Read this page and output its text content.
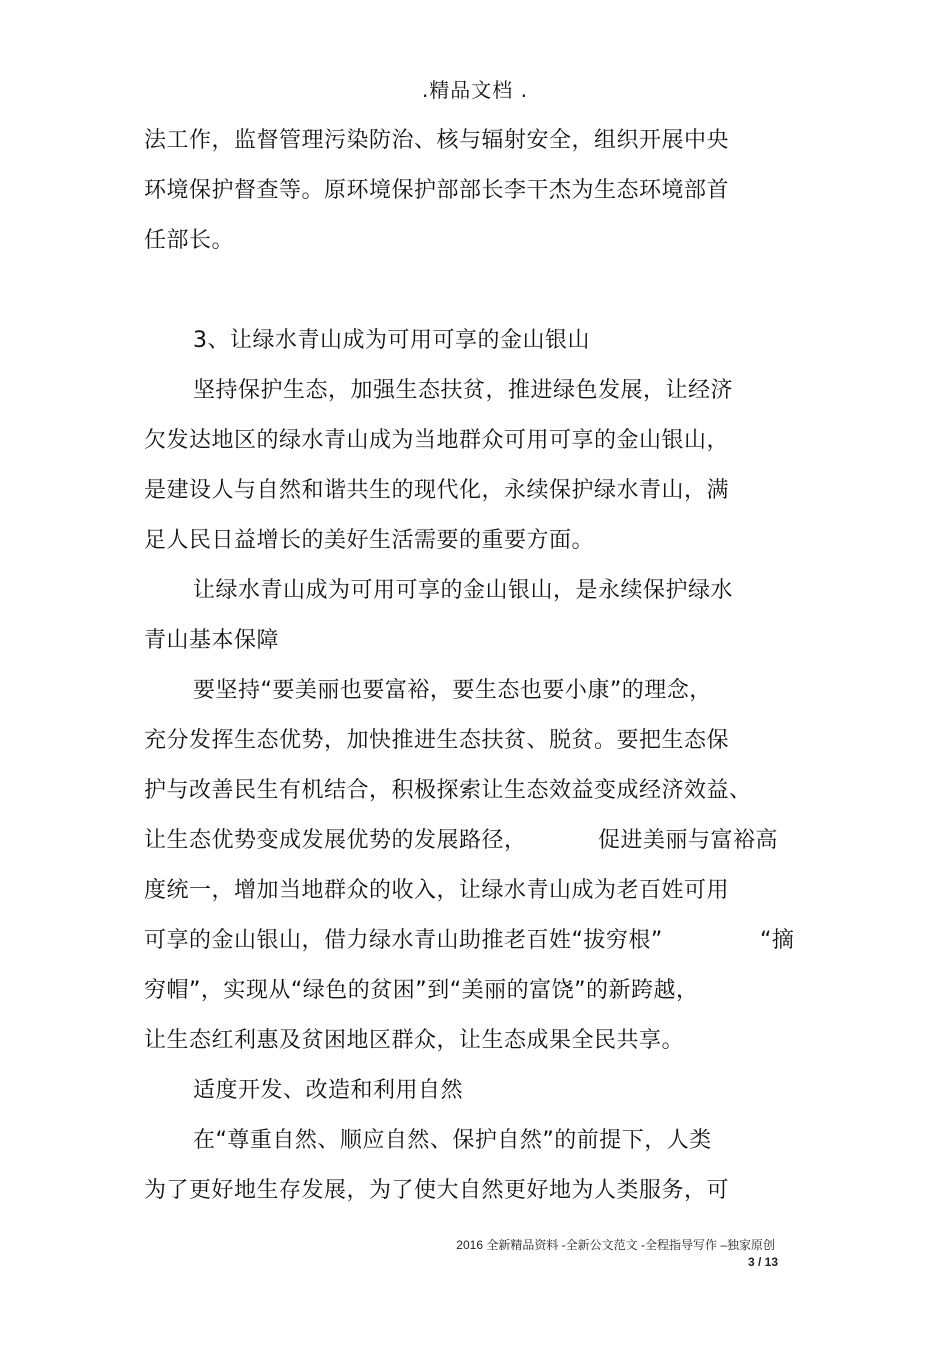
.精品文档 .
法工作，监督管理污染防治、核与辐射安全，组织开展中央
环境保护督查等。原环境保护部部长李干杰为生态环境部首
任部长。
3、让绿水青山成为可用可享的金山银山
坚持保护生态，加强生态扶贫，推进绿色发展，让经济
欠发达地区的绿水青山成为当地群众可用可享的金山银山，
是建设人与自然和谐共生的现代化，永续保护绿水青山，满
足人民日益增长的美好生活需要的重要方面。
让绿水青山成为可用可享的金山银山，是永续保护绿水
青山基本保障
要坚持“要美丽也要富裕，要生态也要小康”的理念，
充分发挥生态优势，加快推进生态扶贫、脱贫。要把生态保
护与改善民生有机结合，积极探索让生态效益变成经济效益、
让生态优势变成发展优势的发展路径，	促进美丽与富裕高
度统一，增加当地群众的收入，让绿水青山成为老百姓可用
可享的金山银山，借力绿水青山助推老百姓“拔穷根”	“摘
穷帽”，实现从“绿色的贫困”到“美丽的富饶”的新跨越，
让生态红利惠及贫困地区群众，让生态成果全民共享。
适度开发、改造和利用自然
在“尊重自然、顺应自然、保护自然”的前提下，人类
为了更好地生存发展，为了使大自然更好地为人类服务，可
2016 全新精品资料 -全新公文范文 -全程指导写作 –独家原创
3 / 13
